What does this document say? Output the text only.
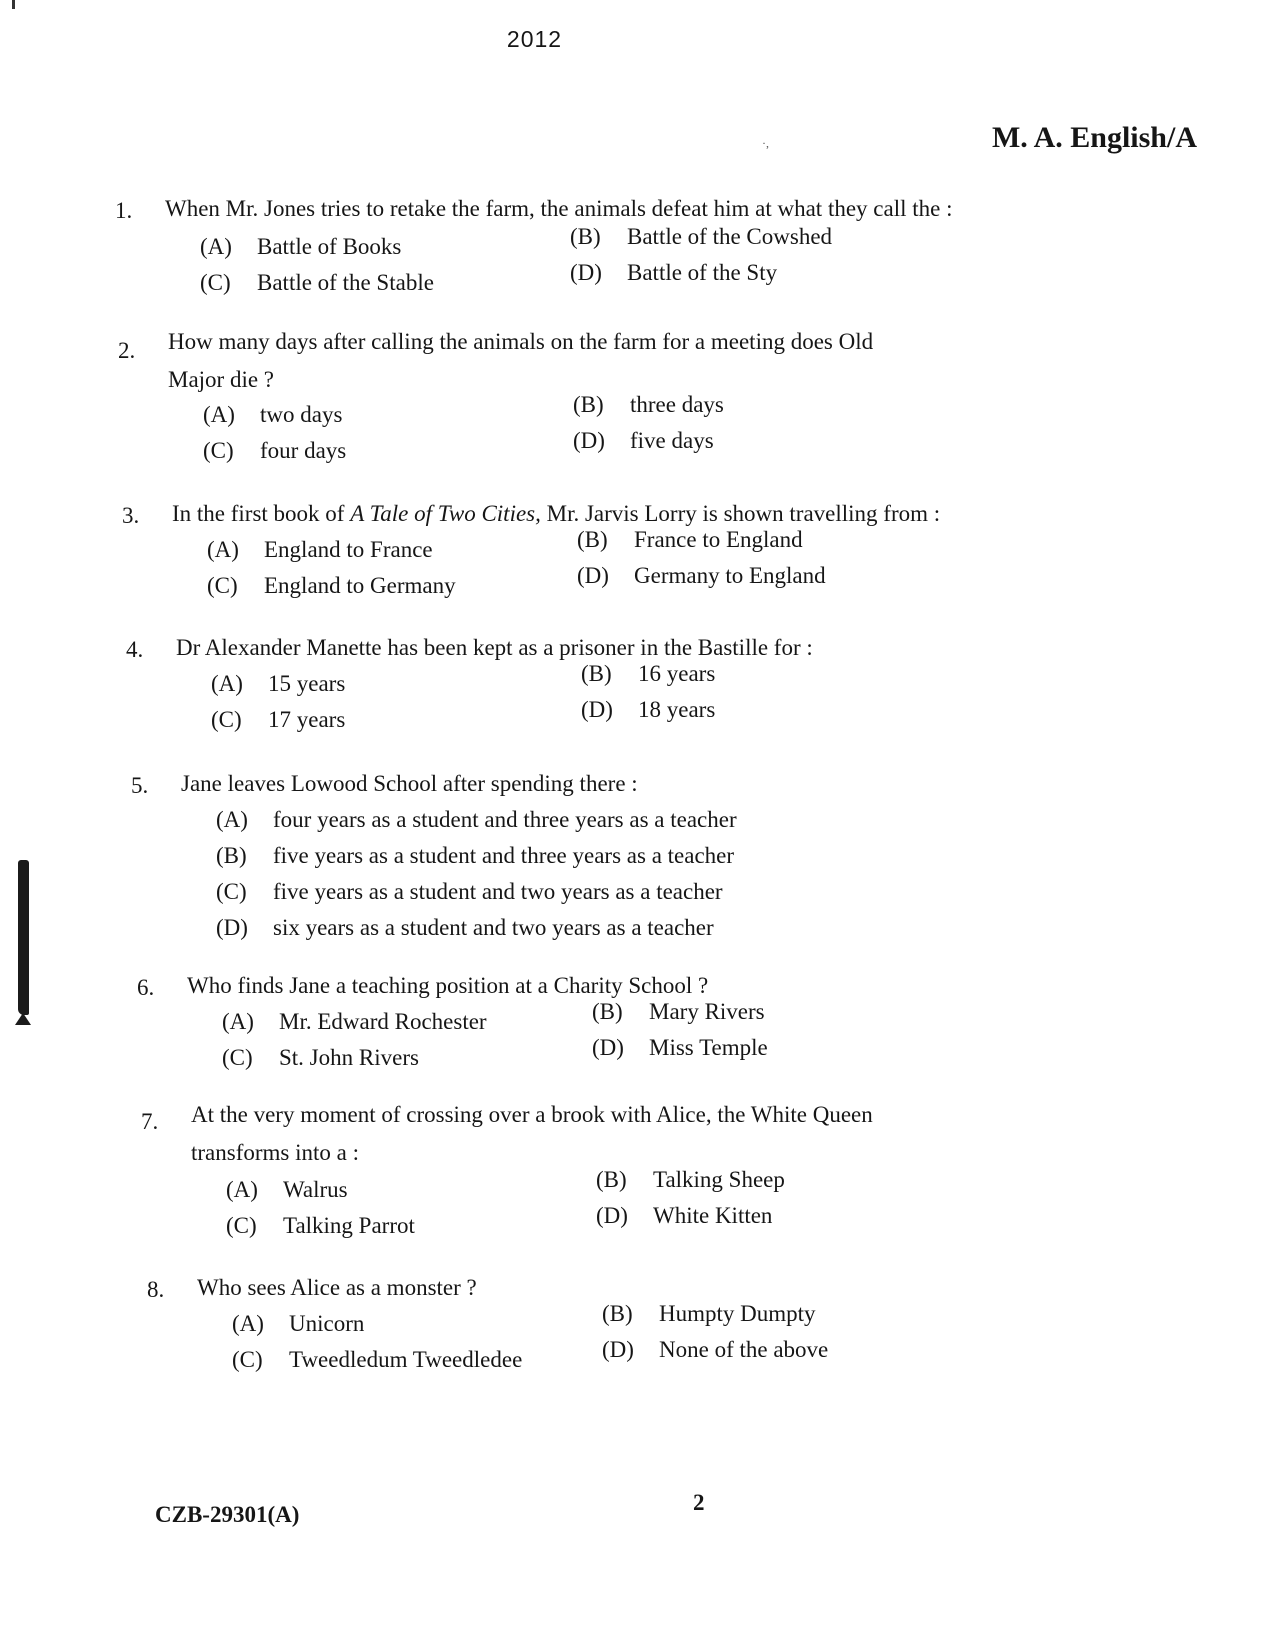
2012
·,	M. A. English/A
1.	When Mr. Jones tries to retake the farm, the animals defeat him at what they call the :
(A) Battle of Books	(B) Battle of the Cowshed
(C) Battle of the Stable	(D) Battle of the Sty
2.	How many days after calling the animals on the farm for a meeting does Old Major die ?
(A) two days	(B) three days
(C) four days	(D) five days
3.	In the first book of A Tale of Two Cities, Mr. Jarvis Lorry is shown travelling from :
(A) England to France	(B) France to England
(C) England to Germany	(D) Germany to England
4.	Dr Alexander Manette has been kept as a prisoner in the Bastille for :
(A) 15 years	(B) 16 years
(C) 17 years	(D) 18 years
5.	Jane leaves Lowood School after spending there :
(A) four years as a student and three years as a teacher
(B) five years as a student and three years as a teacher
(C) five years as a student and two years as a teacher
(D) six years as a student and two years as a teacher
6.	Who finds Jane a teaching position at a Charity School ?
(A) Mr. Edward Rochester	(B) Mary Rivers
(C) St. John Rivers	(D) Miss Temple
7.	At the very moment of crossing over a brook with Alice, the White Queen transforms into a :
(A) Walrus	(B) Talking Sheep
(C) Talking Parrot	(D) White Kitten
8.	Who sees Alice as a monster ?
(A) Unicorn	(B) Humpty Dumpty
(C) Tweedledum Tweedledee	(D) None of the above
CZB-29301(A)	2
